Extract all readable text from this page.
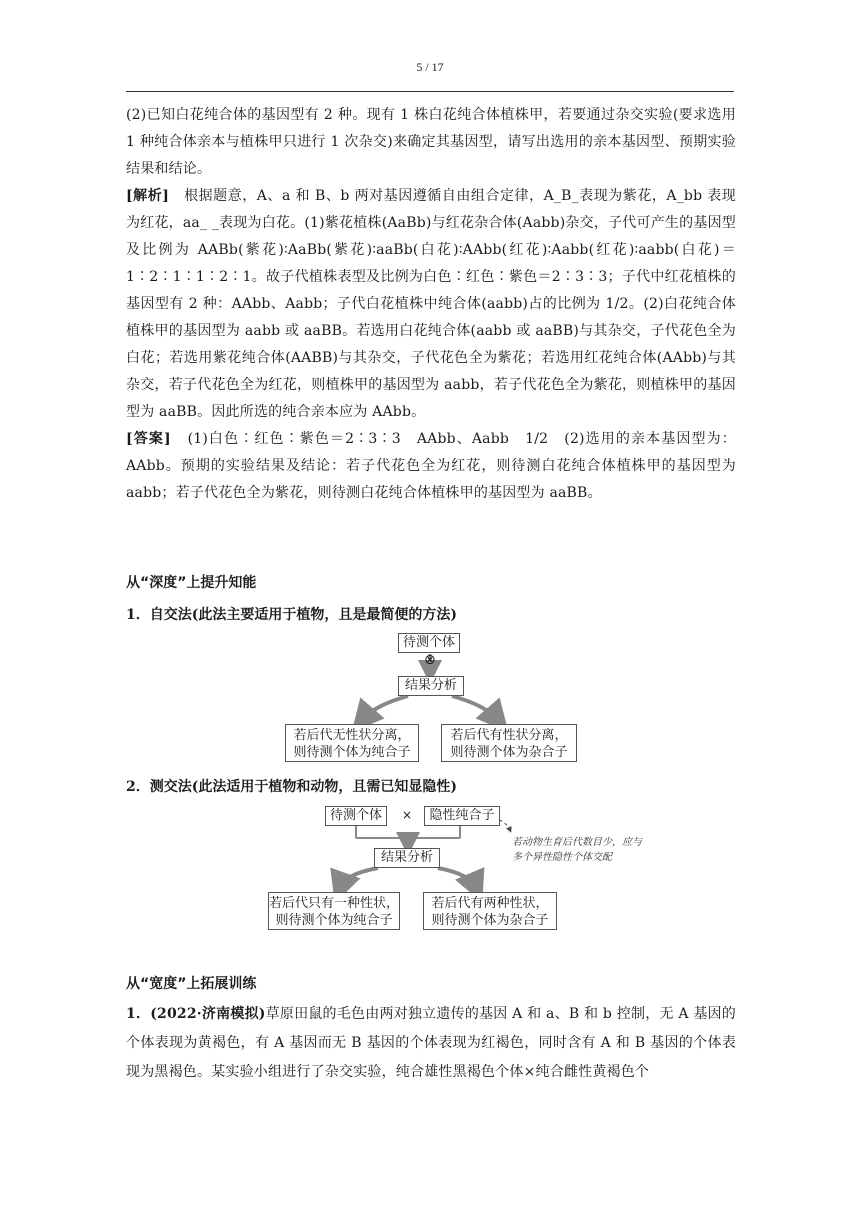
5 / 17

(2)已知白花纯合体的基因型有 2 种。现有 1 株白花纯合体植株甲，若要通过杂交实验(要求选用 1 种纯合体亲本与植株甲只进行 1 次杂交)来确定其基因型，请写出选用的亲本基因型、预期实验结果和结论。

[解析] 根据题意，A、a 和 B、b 两对基因遵循自由组合定律，A_B_表现为紫花，A_bb 表现为红花，aa_ _表现为白花。(1)紫花植株(AaBb)与红花杂合体(Aabb)杂交，子代可产生的基因型及比例为 AABb(紫花)∶AaBb(紫花)∶aaBb(白花)∶AAbb(红花)∶Aabb(红花)∶aabb(白花)＝1∶2∶1∶1∶2∶1。故子代植株表型及比例为白色∶红色∶紫色＝2∶3∶3；子代中红花植株的基因型有 2 种：AAbb、Aabb；子代白花植株中纯合体(aabb)占的比例为 1/2。(2)白花纯合体植株甲的基因型为 aabb 或 aaBB。若选用白花纯合体(aabb 或 aaBB)与其杂交，子代花色全为白花；若选用紫花纯合体(AABB)与其杂交，子代花色全为紫花；若选用红花纯合体(AAbb)与其杂交，若子代花色全为红花，则植株甲的基因型为 aabb，若子代花色全为紫花，则植株甲的基因型为 aaBB。因此所选的纯合亲本应为 AAbb。

[答案] (1)白色∶红色∶紫色＝2∶3∶3　AAbb、Aabb　1/2　(2)选用的亲本基因型为：AAbb。预期的实验结果及结论：若子代花色全为红花，则待测白花纯合体植株甲的基因型为 aabb；若子代花色全为紫花，则待测白花纯合体植株甲的基因型为 aaBB。

从“深度”上提升知能
1．自交法(此法主要适用于植物，且是最简便的方法)
待测个体
⊗
结果分析
若后代无性状分离，
则待测个体为纯合子
若后代有性状分离，
则待测个体为杂合子
2．测交法(此法适用于植物和动物，且需已知显隐性)
待测个体	×	隐性纯合子
若动物生育后代数目少，应与
多个异性隐性个体交配
结果分析
若后代只有一种性状，
则待测个体为纯合子
若后代有两种性状，
则待测个体为杂合子
从“宽度”上拓展训练

1．(2022·济南模拟)草原田鼠的毛色由两对独立遗传的基因 A 和 a、B 和 b 控制，无 A 基因的个体表现为黄褐色，有 A 基因而无 B 基因的个体表现为红褐色，同时含有 A 和 B 基因的个体表现为黑褐色。某实验小组进行了杂交实验，纯合雄性黑褐色个体×纯合雌性黄褐色个
